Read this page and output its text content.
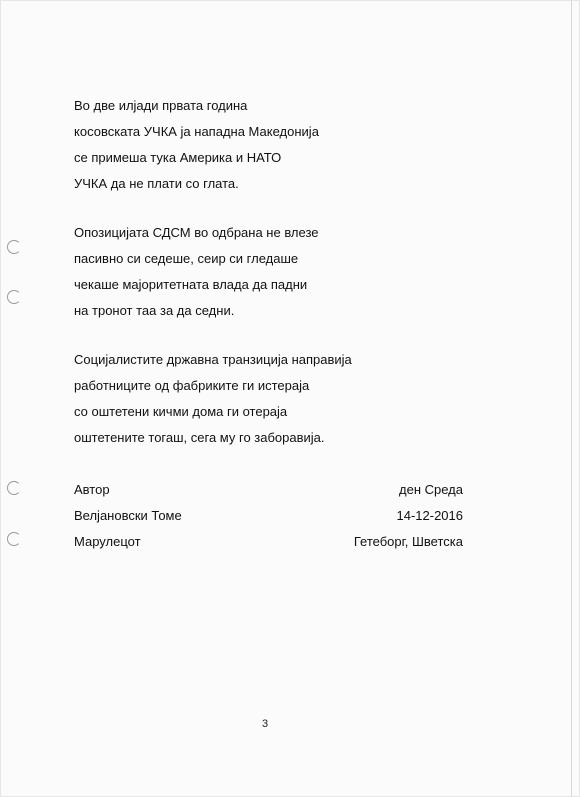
Во две илјади првата година
косовската УЧКА ја нападна Македонија
се примеша тука Америка и НАТО
УЧКА да не плати со глата.
Опозицијата СДСМ во одбрана не влезе
пасивно си седеше, сеир си гледаше
чекаше мајоритетната влада да падни
на тронот таа за да седни.
Социјалистите државна транзиција направија
работниците од фабриките ги истераја
со оштетени кичми дома ги отераја
оштетените тогаш, сега му го заборавија.
Автор
Велјановски Томе
Марулецот
ден Среда
14-12-2016
Гетеборг, Шветска
3
